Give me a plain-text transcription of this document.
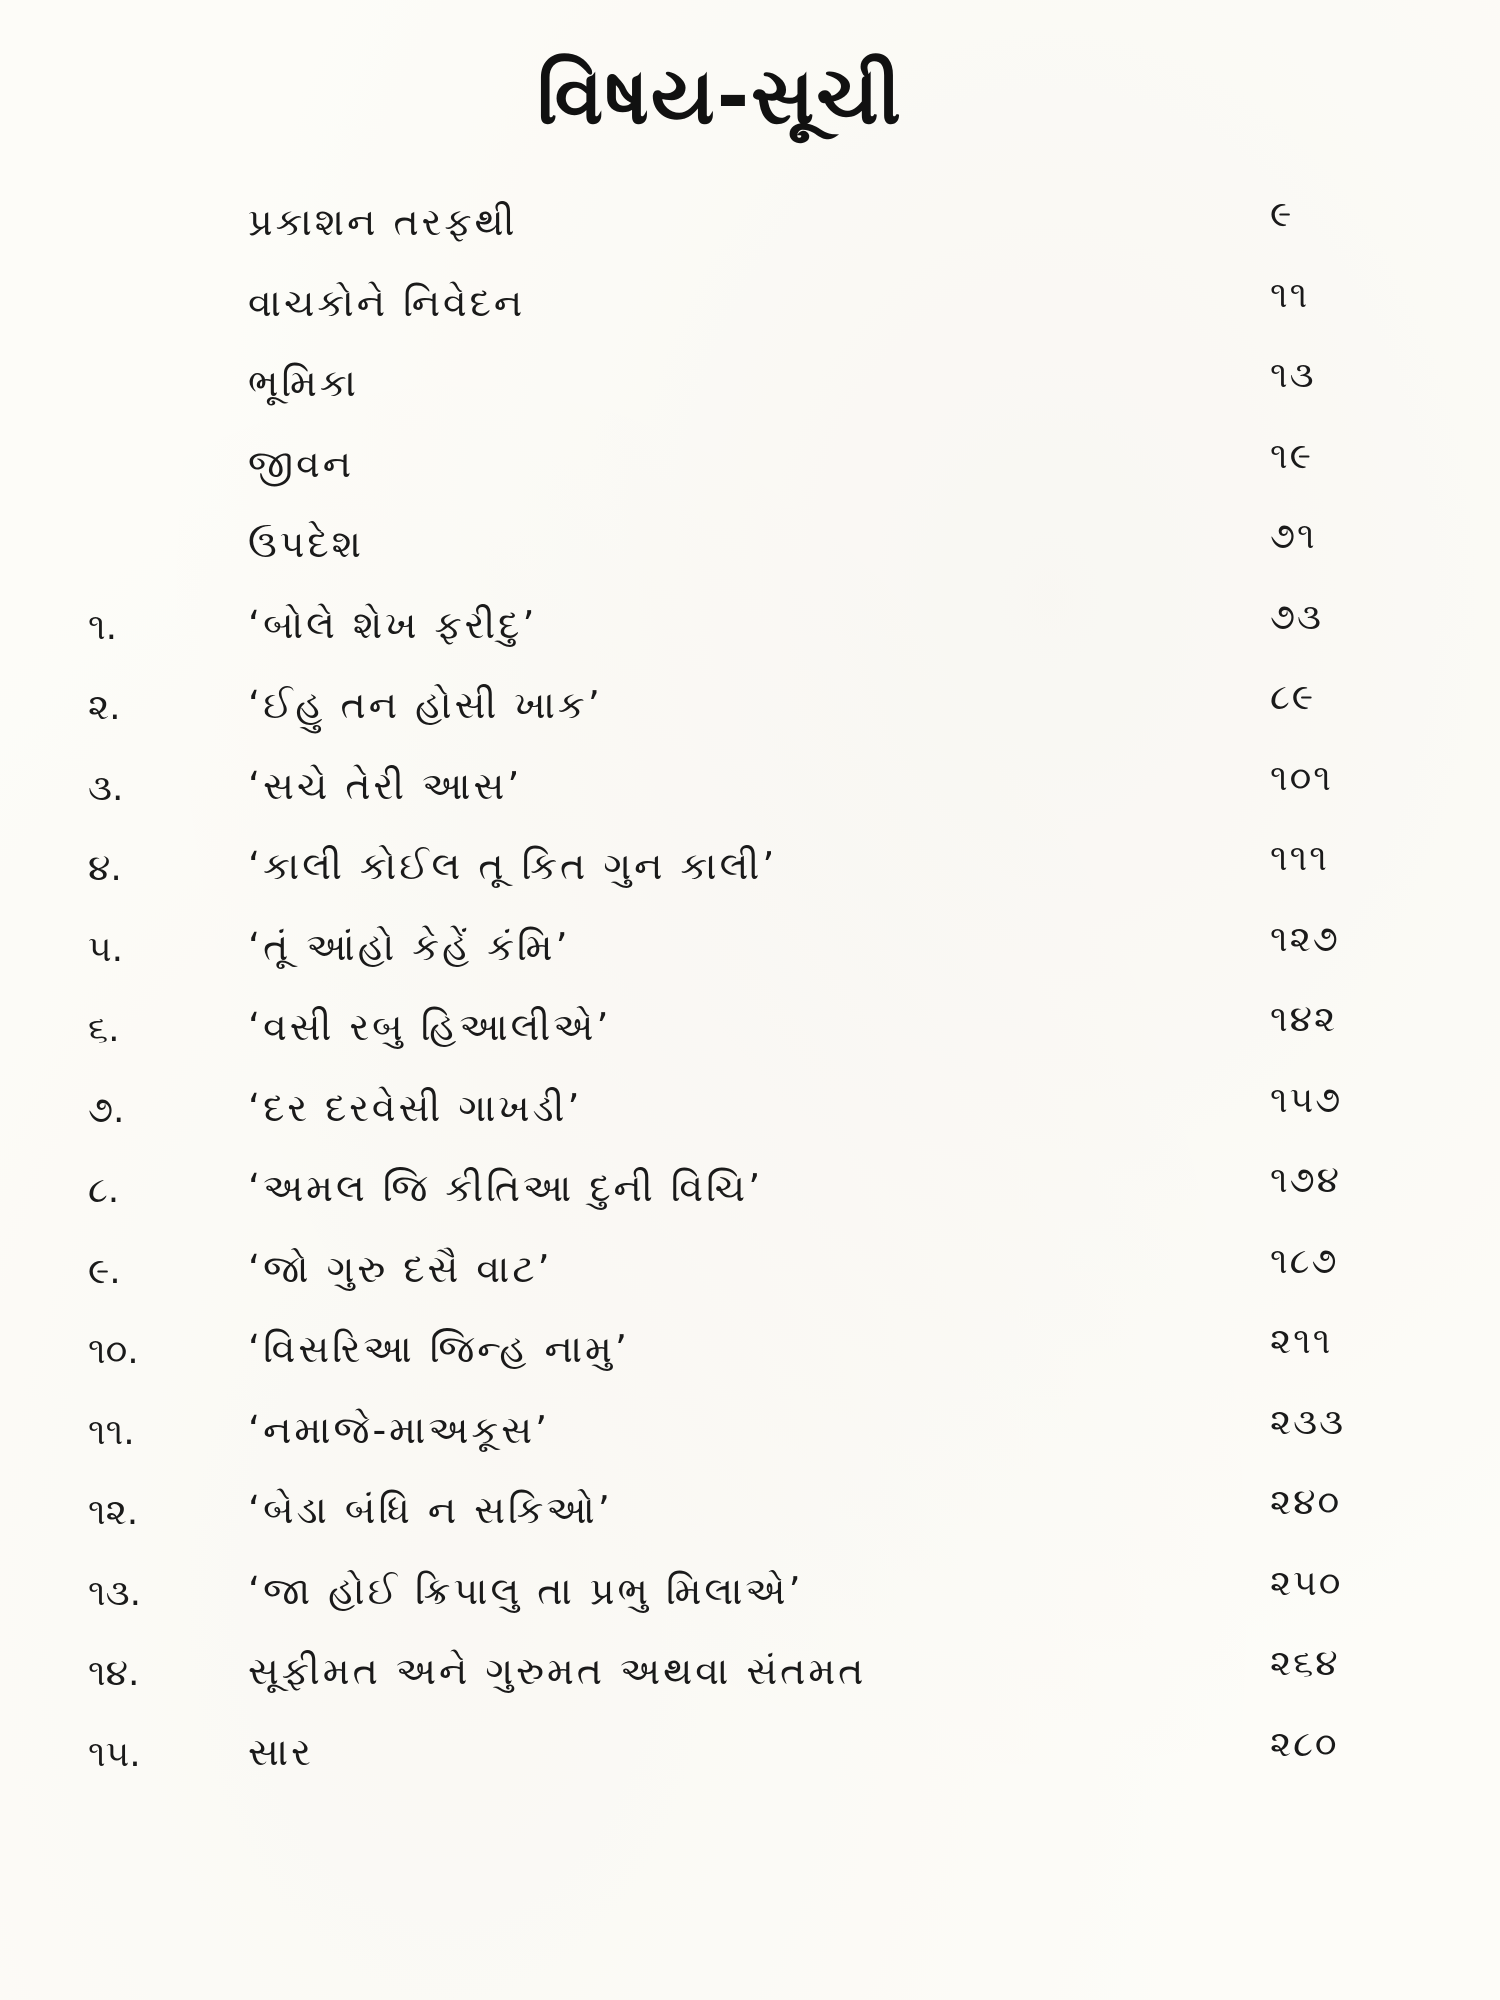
વિષય-સૂચી
પ્રકાશન તરફથી	૯
વાચકોને નિવેદન	૧૧
ભૂમિકા	૧૩
જીવન	૧૯
ઉપદેશ	૭૧
૧.	‘બોલે શેખ ફરીદુ’	૭૩
૨.	‘ઈહુ તન હોસી ખાક’	૮૯
૩.	‘સચે તેરી આસ’	૧૦૧
૪.	‘કાલી કોઈલ તૂ કિત ગુન કાલી’	૧૧૧
૫.	‘તૂં આંહો કેહેં કંમિ’	૧૨૭
૬.	‘વસી રબુ હિઆલીએ’	૧૪૨
૭.	‘દર દરવેસી ગાખડી’	૧૫૭
૮.	‘અમલ જિ કીતિઆ દુની વિચિ’	૧૭૪
૯.	‘જો ગુરુ દસૈ વાટ’	૧૮૭
૧૦.	‘વિસરિઆ જિન્હ નામુ’	૨૧૧
૧૧.	‘નમાજે-માઅકૂસ’	૨૩૩
૧૨.	‘બેડા બંધિ ન સકિઓ’	૨૪૦
૧૩.	‘જા હોઈ ક્રિપાલુ તા પ્રભુ મિલાએ’	૨૫૦
૧૪.	સૂફીમત અને ગુરુમત અથવા સંતમત	૨૬૪
૧૫.	સાર	૨૮૦
